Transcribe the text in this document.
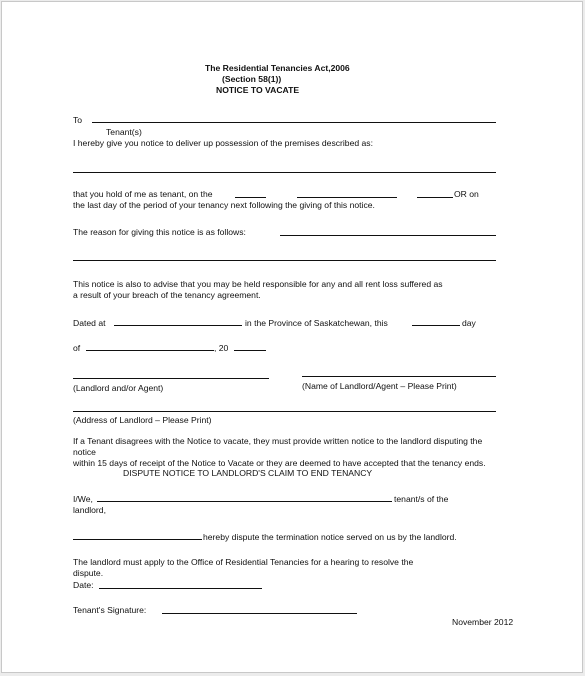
The Residential Tenancies Act,2006
(Section 58(1))
NOTICE TO VACATE
To
Tenant(s)
I hereby give you notice to deliver up possession of the premises described as:
that you hold of me as tenant, on the	OR on
the last day of the period of your tenancy next following the giving of this notice.
The reason for giving this notice is as follows:
This notice is also to advise that you may be held responsible for any and all rent loss suffered as
a result of your breach of the tenancy agreement.
Dated at	in the Province of Saskatchewan, this	day
of	, 20
(Landlord and/or Agent)	(Name of Landlord/Agent – Please Print)
(Address of Landlord – Please Print)
If a Tenant disagrees with the Notice to vacate, they must provide written notice to the landlord disputing the
notice
within 15 days of receipt of the Notice to Vacate or they are deemed to have accepted that the tenancy ends.
DISPUTE NOTICE TO LANDLORD'S CLAIM TO END TENANCY
I/We,	tenant/s of the
landlord,
hereby dispute the termination notice served on us by the landlord.
The landlord must apply to the Office of Residential Tenancies for a hearing to resolve the
dispute.
Date:
Tenant's Signature:
November 2012
